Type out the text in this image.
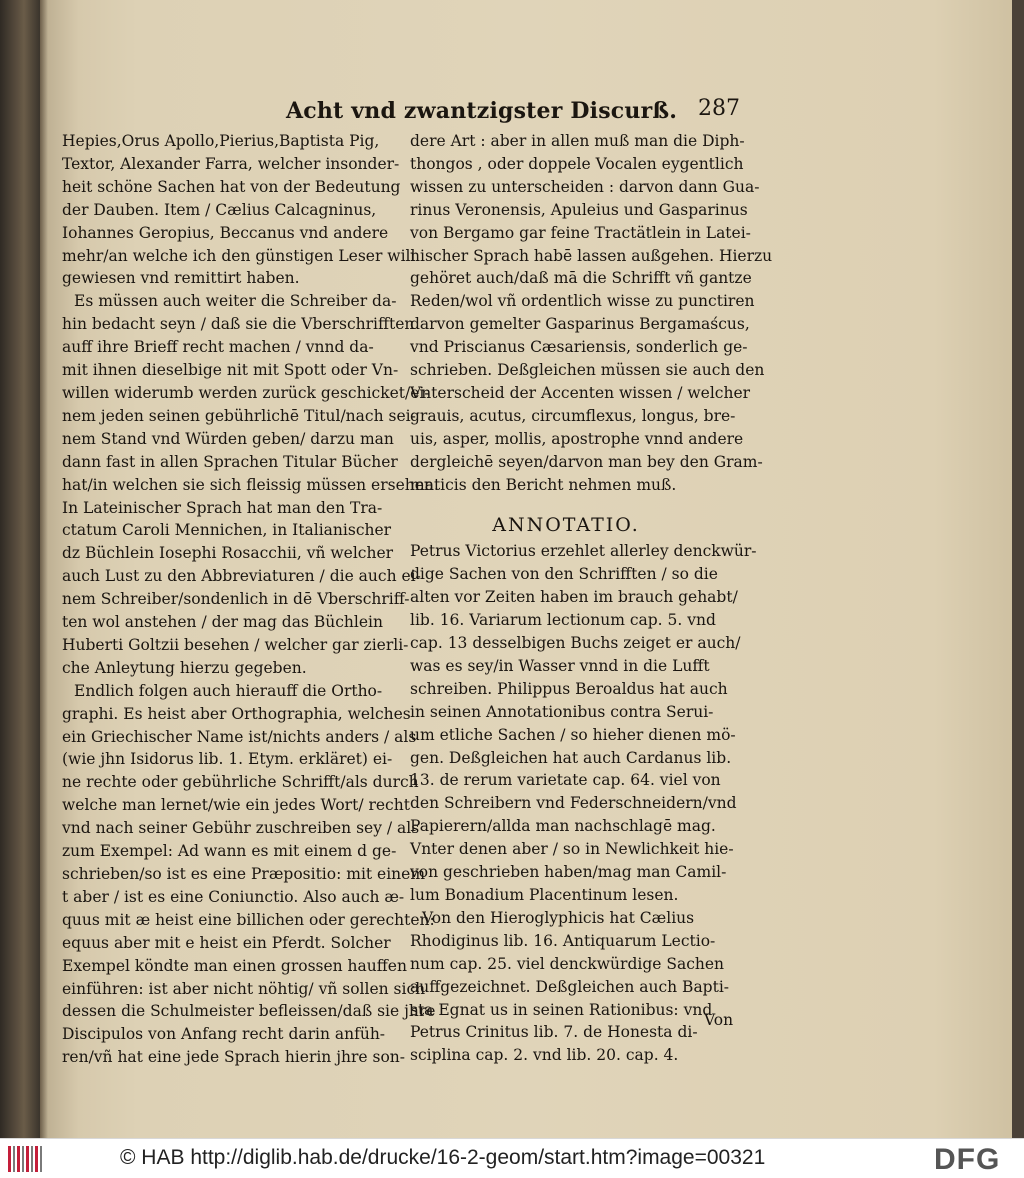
Acht vnd zwantzigster Discurß. 287
Hepies,Orus Apollo,Pierius,Baptista Pig,
Textor, Alexander Farra, welcher insonder-
heit schöne Sachen hat von der Bedeutung
der Dauben. Item / Cælius Calcagninus,
Iohannes Geropius, Beccanus vnd andere
mehr/an welche ich den günstigen Leser will
gewiesen vnd remittirt haben.
Es müssen auch weiter die Schreiber da-
hin bedacht seyn / daß sie die Vberschrifften
auff ihre Brieff recht machen / vnnd da-
mit ihnen dieselbige nit mit Spott oder Vn-
willen widerumb werden zurück geschicket/ei-
nem jeden seinen gebührlichē Titul/nach sei-
nem Stand vnd Würden geben/ darzu man
dann fast in allen Sprachen Titular Bücher
hat/in welchen sie sich fleissig müssen ersehen.
In Lateinischer Sprach hat man den Tra-
ctatum Caroli Mennichen, in Italianischer
dz Büchlein Iosephi Rosacchii, vñ welcher
auch Lust zu den Abbreviaturen / die auch ei-
nem Schreiber/sondenlich in dē Vberschriff-
ten wol anstehen / der mag das Büchlein
Huberti Goltzii besehen / welcher gar zierli-
che Anleytung hierzu gegeben.
Endlich folgen auch hierauff die Ortho-
graphi. Es heist aber Orthographia, welches
ein Griechischer Name ist/nichts anders / als
(wie jhn Isidorus lib. 1. Etym. erkläret) ei-
ne rechte oder gebührliche Schrifft/als durch
welche man lernet/wie ein jedes Wort/ recht
vnd nach seiner Gebühr zuschreiben sey / als
zum Exempel: Ad wann es mit einem d ge-
schrieben/so ist es eine Præpositio: mit einem
t aber / ist es eine Coniunctio. Also auch æ-
quus mit æ heist eine billichen oder gerechten:
equus aber mit e heist ein Pferdt. Solcher
Exempel köndte man einen grossen hauffen
einführen: ist aber nicht nöhtig/ vñ sollen sich
dessen die Schulmeister befleissen/daß sie jhre
Discipulos von Anfang recht darin anfüh-
ren/vñ hat eine jede Sprach hierin jhre son-
dere Art : aber in allen muß man die Diph-
thongos , oder doppele Vocalen eygentlich
wissen zu unterscheiden : darvon dann Gua-
rinus Veronensis, Apuleius und Gasparinus
von Bergamo gar feine Tractätlein in Latei-
nischer Sprach habē lassen außgehen. Hierzu
gehöret auch/daß mā die Schrifft vñ gantze
Reden/wol vñ ordentlich wisse zu punctiren
darvon gemelter Gasparinus Bergamaścus,
vnd Priscianus Cæsariensis, sonderlich ge-
schrieben. Deßgleichen müssen sie auch den
Vnterscheid der Accenten wissen / welcher
grauis, acutus, circumflexus, longus, bre-
uis, asper, mollis, apostrophe vnnd andere
dergleichē seyen/darvon man bey den Gram-
maticis den Bericht nehmen muß.
ANNOTATIO.
Petrus Victorius erzehlet allerley denckwür-
dige Sachen von den Schrifften / so die
alten vor Zeiten haben im brauch gehabt/
lib. 16. Variarum lectionum cap. 5. vnd
cap. 13 desselbigen Buchs zeiget er auch/
was es sey/in Wasser vnnd in die Lufft
schreiben. Philippus Beroaldus hat auch
in seinen Annotationibus contra Serui-
um etliche Sachen / so hieher dienen mö-
gen. Deßgleichen hat auch Cardanus lib.
13. de rerum varietate cap. 64. viel von
den Schreibern vnd Federschneidern/vnd
Papierern/allda man nachschlagē mag.
Vnter denen aber / so in Newlichkeit hie-
von geschrieben haben/mag man Camil-
lum Bonadium Placentinum lesen.
Von den Hieroglyphicis hat Cælius
Rhodiginus lib. 16. Antiquarum Lectio-
num cap. 25. viel denckwürdige Sachen
auffgezeichnet. Deßgleichen auch Bapti-
sta Egnat us in seinen Rationibus: vnd
Petrus Crinitus lib. 7. de Honesta di-
sciplina cap. 2. vnd lib. 20. cap. 4.
Von
© HAB http://diglib.hab.de/drucke/16-2-geom/start.htm?image=00321	DFG
